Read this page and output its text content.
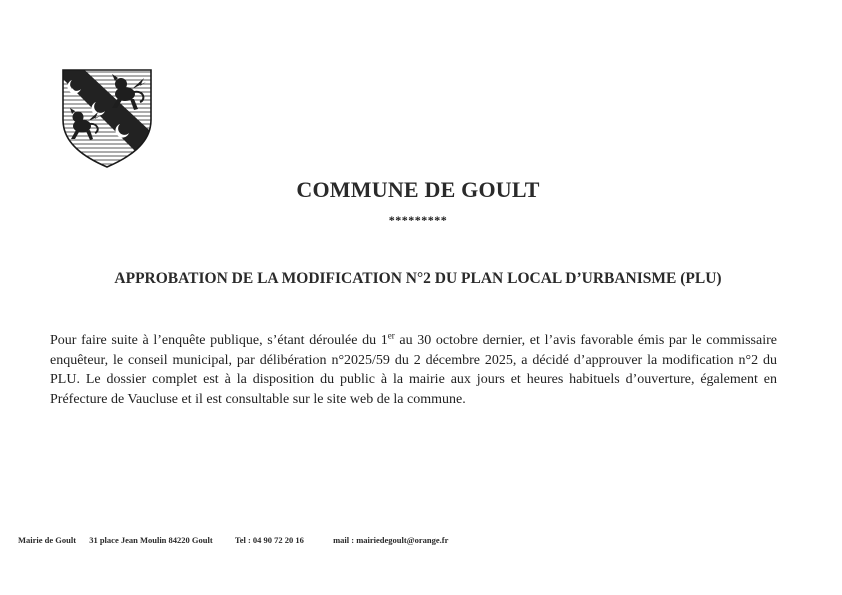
COMMUNE DE GOULT
*********
APPROBATION DE LA MODIFICATION N°2 DU PLAN LOCAL D’URBANISME (PLU)

Pour faire suite à l’enquête publique, s’étant déroulée du 1er au 30 octobre dernier, et l’avis favorable émis par le commissaire enquêteur, le conseil municipal, par délibération n°2025/59 du 2 décembre 2025, a décidé d’approuver la modification n°2 du PLU. Le dossier complet est à la disposition du public à la mairie aux jours et heures habituels d’ouverture, également en Préfecture de Vaucluse et il est consultable sur le site web de la commune.

Mairie de Goult 31 place Jean Moulin 84220 Goult	Tel : 04 90 72 20 16	mail : mairiedegoult@orange.fr
